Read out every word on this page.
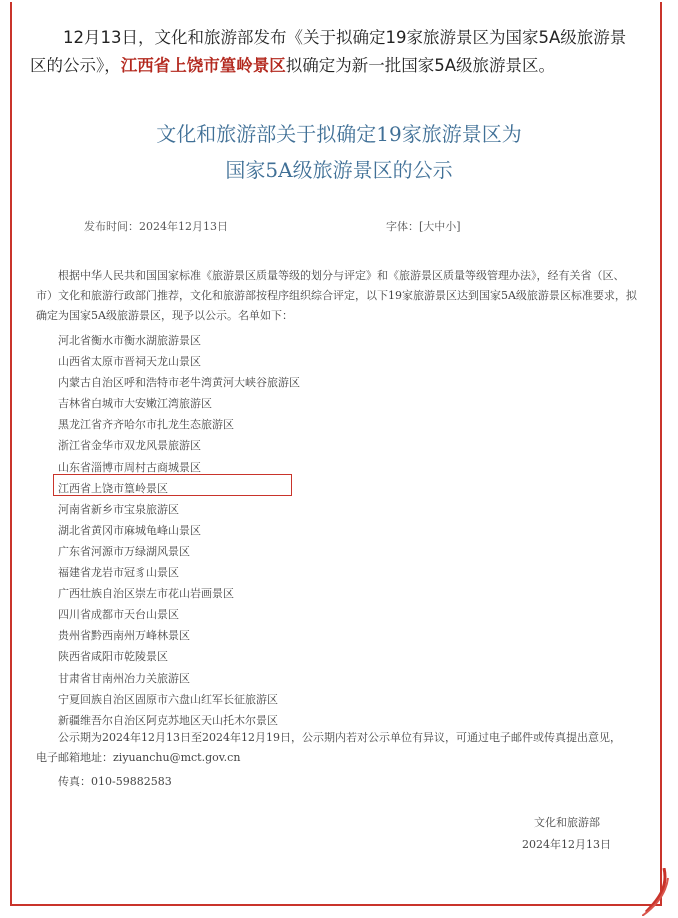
12月13日，文化和旅游部发布《关于拟确定19家旅游景区为国家5A级旅游景区的公示》，江西省上饶市篁岭景区拟确定为新一批国家5A级旅游景区。
文化和旅游部关于拟确定19家旅游景区为
国家5A级旅游景区的公示
发布时间：2024年12月13日	字体：[大中小]
根据中华人民共和国国家标准《旅游景区质量等级的划分与评定》和《旅游景区质量等级管理办法》，经有关省（区、市）文化和旅游行政部门推荐，文化和旅游部按程序组织综合评定，以下19家旅游景区达到国家5A级旅游景区标准要求，拟确定为国家5A级旅游景区，现予以公示。名单如下：
河北省衡水市衡水湖旅游景区
山西省太原市晋祠天龙山景区
内蒙古自治区呼和浩特市老牛湾黄河大峡谷旅游区
吉林省白城市大安嫩江湾旅游区
黑龙江省齐齐哈尔市扎龙生态旅游区
浙江省金华市双龙风景旅游区
山东省淄博市周村古商城景区
江西省上饶市篁岭景区
河南省新乡市宝泉旅游区
湖北省黄冈市麻城龟峰山景区
广东省河源市万绿湖风景区
福建省龙岩市冠豸山景区
广西壮族自治区崇左市花山岩画景区
四川省成都市天台山景区
贵州省黔西南州万峰林景区
陕西省咸阳市乾陵景区
甘肃省甘南州冶力关旅游区
宁夏回族自治区固原市六盘山红军长征旅游区
新疆维吾尔自治区阿克苏地区天山托木尔景区
公示期为2024年12月13日至2024年12月19日，公示期内若对公示单位有异议，可通过电子邮件或传真提出意见，
电子邮箱地址：ziyuanchu@mct.gov.cn
传真：010-59882583
文化和旅游部
2024年12月13日
